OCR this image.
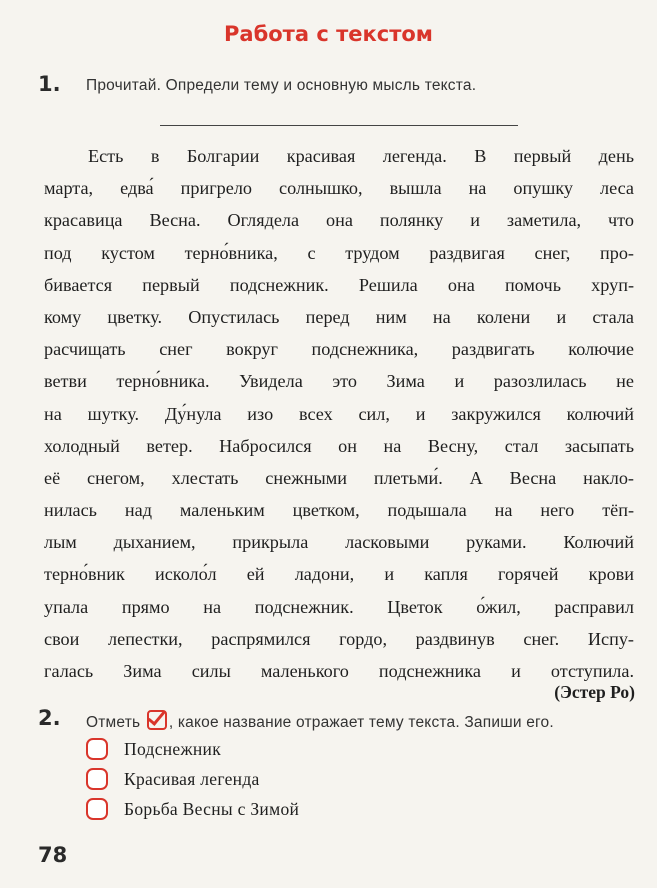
Работа с текстом
1. Прочитай. Определи тему и основную мысль текста.
Есть в Болгарии красивая легенда. В первый день
марта, едва́ пригрело солнышко, вышла на опушку леса
красавица Весна. Оглядела она полянку и заметила, что
под кустом терно́вника, с трудом раздвигая снег, про-
бивается первый подснежник. Решила она помочь хруп-
кому цветку. Опустилась перед ним на колени и стала
расчищать снег вокруг подснежника, раздвигать колючие
ветви терно́вника. Увидела это Зима и разозлилась не
на шутку. Ду́нула изо всех сил, и закружился колючий
холодный ветер. Набросился он на Весну, стал засыпать
её снегом, хлестать снежными плетьми́. А Весна накло-
нилась над маленьким цветком, подышала на него тёп-
лым дыханием, прикрыла ласковыми руками. Колючий
терно́вник исколо́л ей ладони, и капля горячей крови
упала прямо на подснежник. Цветок о́жил, расправил
свои лепестки, распрямился гордо, раздвинув снег. Испу-
галась Зима силы маленького подснежника и отступила.
(Эстер Ро)
2. Отметь , какое название отражает тему текста. Запиши его.
Подснежник
Красивая легенда
Борьба Весны с Зимой
78
